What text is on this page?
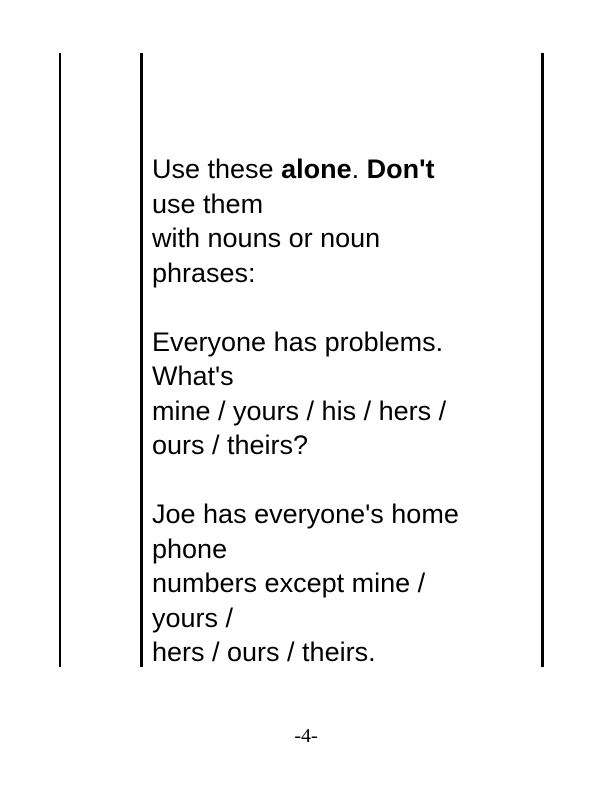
Use these alone. Don't
use them
with nouns or noun
phrases:

Everyone has problems.
What's
mine / yours / his / hers /
ours / theirs?

Joe has everyone's home
phone
numbers except mine /
yours /
hers / ours / theirs.

-4-
